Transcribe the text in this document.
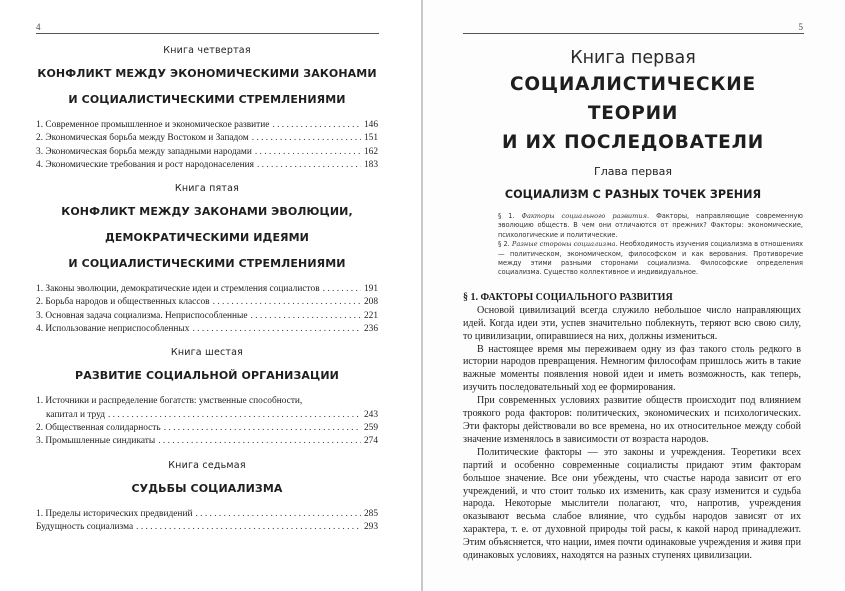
4
Книга четвертая
КОНФЛИКТ МЕЖДУ ЭКОНОМИЧЕСКИМИ ЗАКОНАМИ
И СОЦИАЛИСТИЧЕСКИМИ СТРЕМЛЕНИЯМИ
1. Современное промышленное и экономическое развитие . . .	146
2. Экономическая борьба между Востоком и Западом . . .	151
3. Экономическая борьба между западными народами . . .	162
4. Экономические требования и рост народонаселения . . .	183
Книга пятая
КОНФЛИКТ МЕЖДУ ЗАКОНАМИ ЭВОЛЮЦИИ,
ДЕМОКРАТИЧЕСКИМИ ИДЕЯМИ
И СОЦИАЛИСТИЧЕСКИМИ СТРЕМЛЕНИЯМИ
1. Законы эволюции, демократические идеи и стремления социалистов . . .	191
2. Борьба народов и общественных классов . . .	208
3. Основная задача социализма. Неприспособленные . . .	221
4. Использование неприспособленных . . .	236
Книга шестая
РАЗВИТИЕ СОЦИАЛЬНОЙ ОРГАНИЗАЦИИ
1. Источники и распределение богатств: умственные способности,
капитал и труд . . .	243
2. Общественная солидарность . . .	259
3. Промышленные синдикаты . . .	274
Книга седьмая
СУДЬБЫ СОЦИАЛИЗМА
1. Пределы исторических предвидений . . .	285
Будущность социализма . . .	293
5
Книга первая
СОЦИАЛИСТИЧЕСКИЕ ТЕОРИИ
И ИХ ПОСЛЕДОВАТЕЛИ
Глава первая
СОЦИАЛИЗМ С РАЗНЫХ ТОЧЕК ЗРЕНИЯ

§ 1. Факторы социального развития. Факторы, направляющие современную эволюцию обществ. В чем они отличаются от прежних? Факторы: экономические, психологические и политические.

§ 2. Разные стороны социализма. Необходимость изучения социализма в отношениях — политическом, экономическом, философском и как верования. Противоречие между этими разными сторонами социализма. Философские определения социализма. Существо коллективное и индивидуальное.

§ 1. ФАКТОРЫ СОЦИАЛЬНОГО РАЗВИТИЯ

Основой цивилизаций всегда служило небольшое число направляющих идей. Когда идеи эти, успев значительно поблекнуть, теряют всю свою силу, то цивилизации, опиравшиеся на них, должны измениться.

В настоящее время мы переживаем одну из фаз такого столь редкого в истории народов превращения. Немногим философам пришлось жить в такие важные моменты появления новой идеи и иметь возможность, как теперь, изучить последовательный ход ее формирования.

При современных условиях развитие обществ происходит под влиянием троякого рода факторов: политических, экономических и психологических. Эти факторы действовали во все времена, но их относительное между собой значение изменялось в зависимости от возраста народов.

Политические факторы — это законы и учреждения. Теоретики всех партий и особенно современные социалисты придают этим факторам большое значение. Все они убеждены, что счастье народа зависит от его учреждений, и что стоит только их изменить, как сразу изменится и судьба народа. Некоторые мыслители полагают, что, напротив, учреждения оказывают весьма слабое влияние, что судьбы народов зависят от их характера, т. е. от духовной природы той расы, к какой народ принадлежит. Этим объясняется, что нации, имея почти одинаковые учреждения и живя при одинаковых условиях, находятся на разных ступенях цивилизации.
